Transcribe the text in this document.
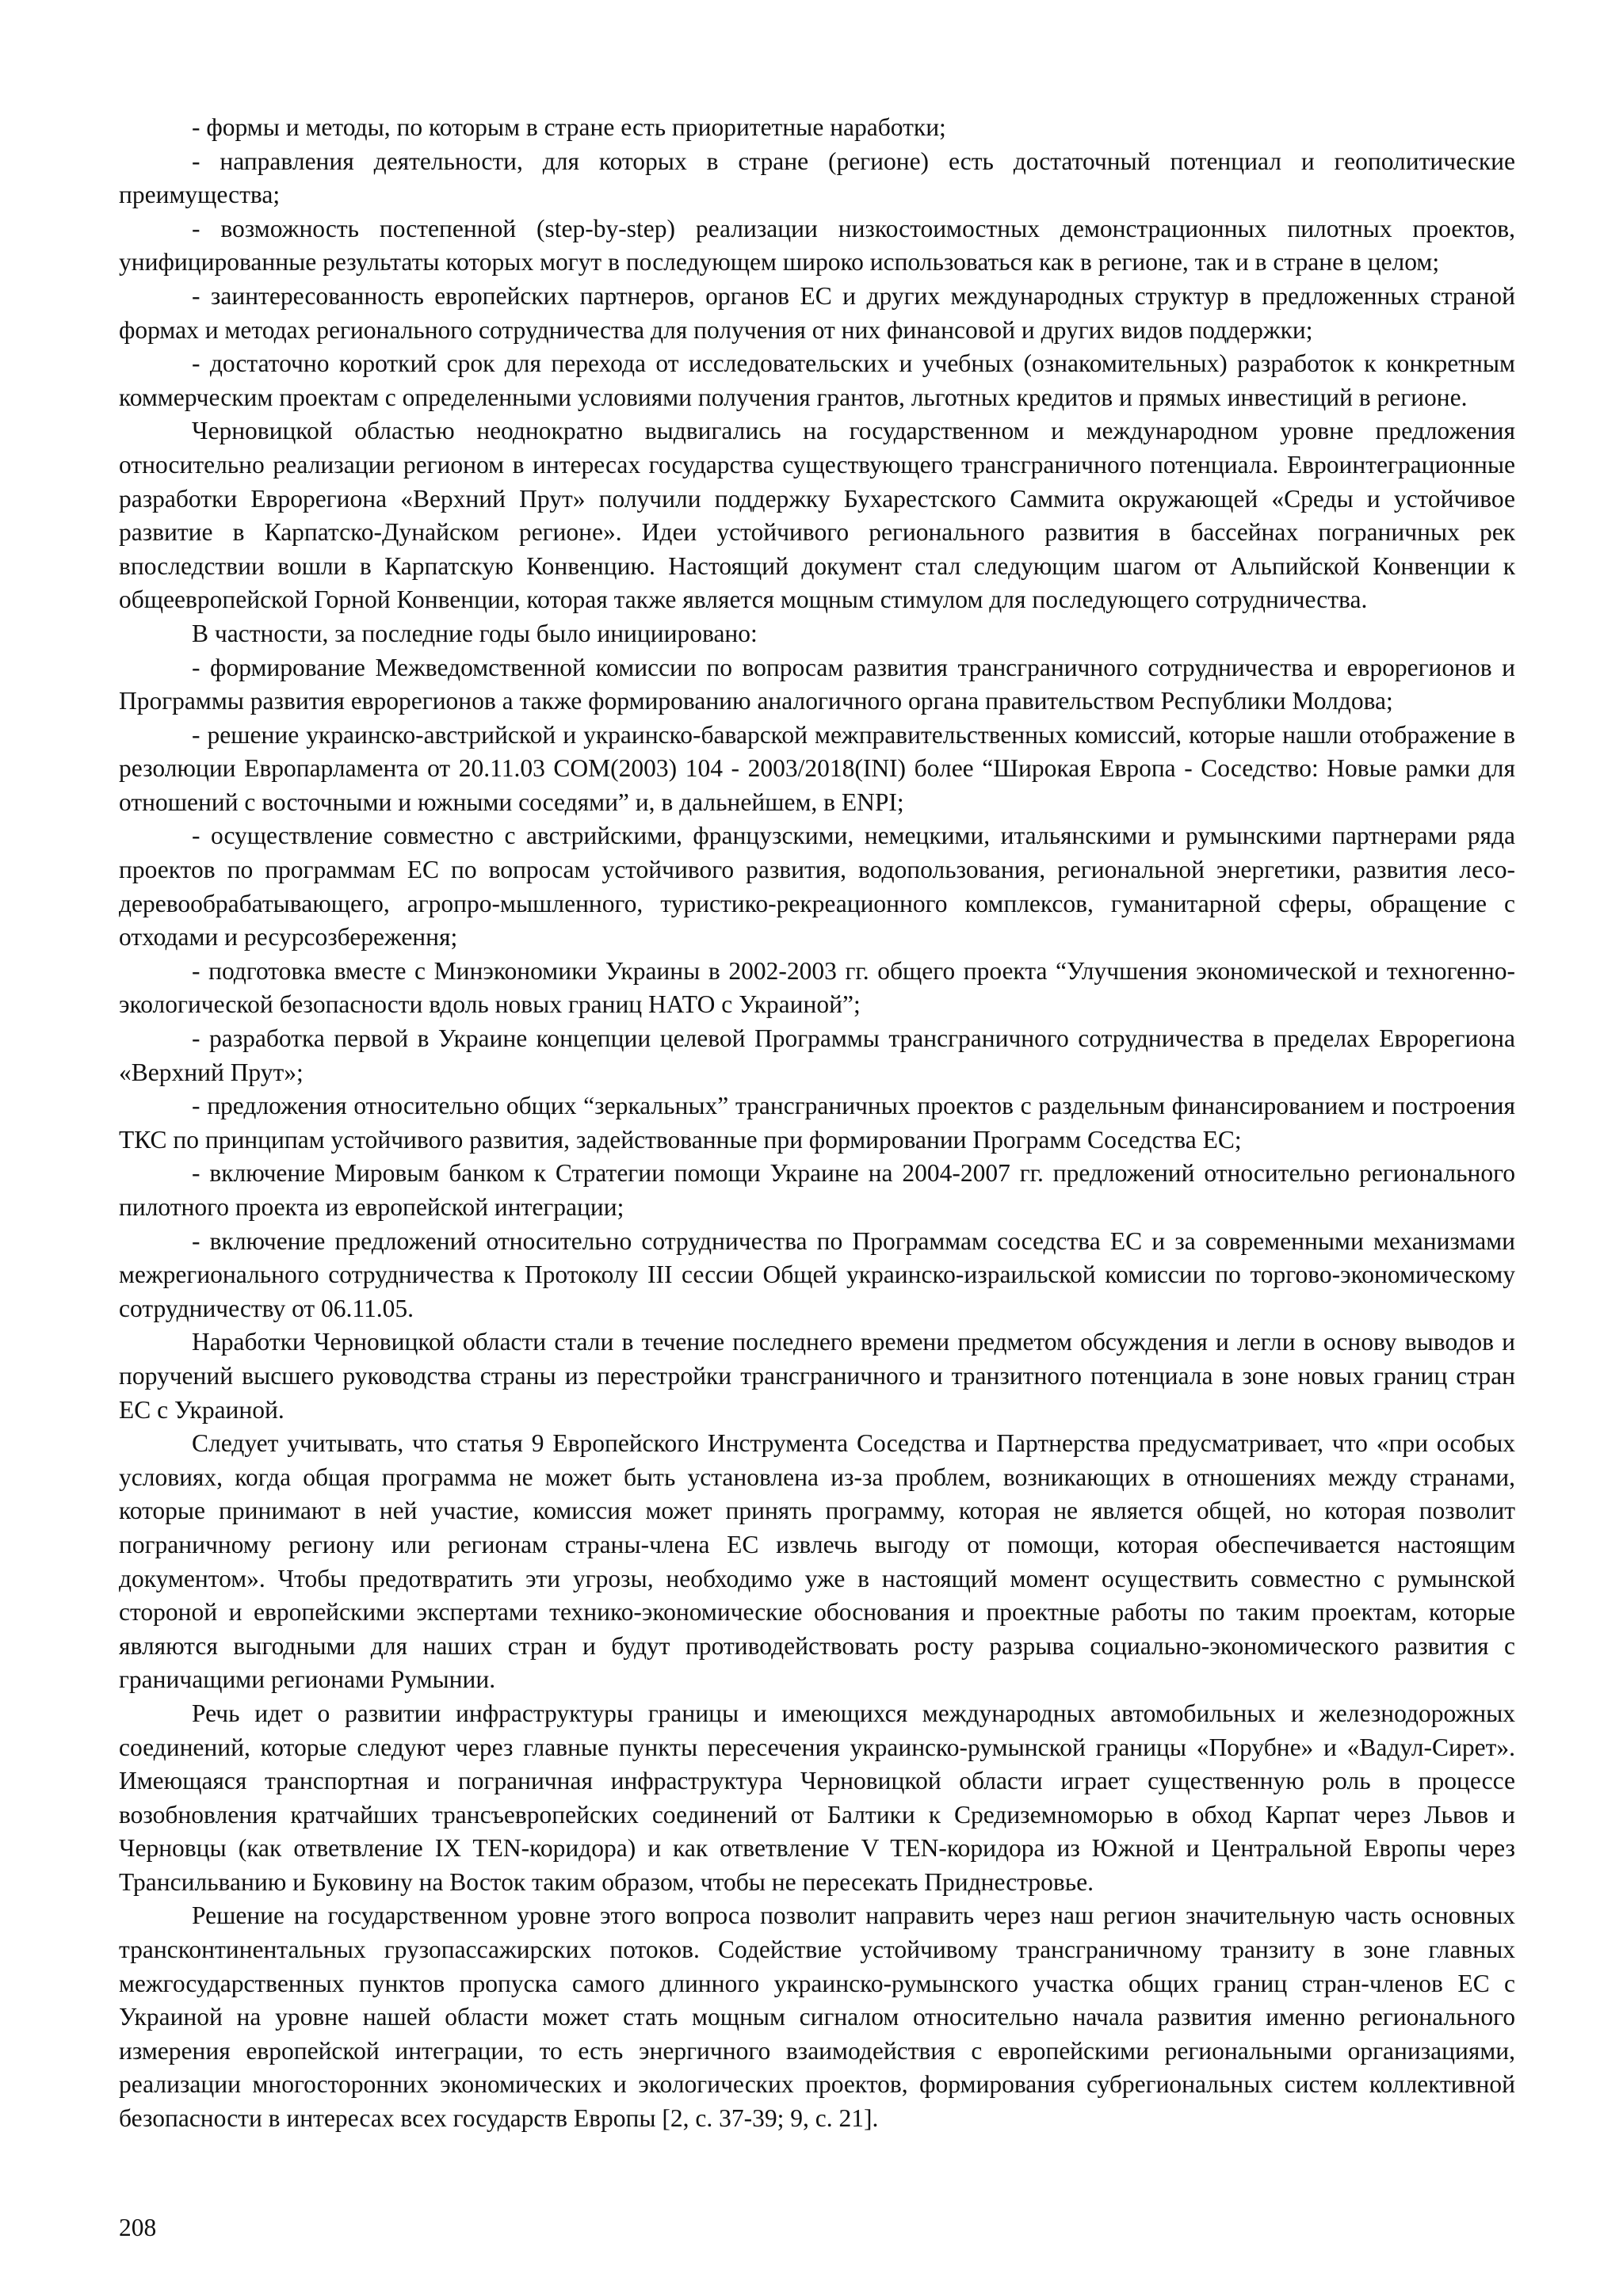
- формы и методы, по которым в стране есть приоритетные наработки;

- направления деятельности, для которых в стране (регионе) есть достаточный потенциал и геополитические преимущества;

- возможность постепенной (step-by-step) реализации низкостоимостных демонстрационных пилотных проектов, унифицированные результаты которых могут в последующем широко использоваться как в регионе, так и в стране в целом;

- заинтересованность европейских партнеров, органов ЕС и других международных структур в предложенных страной формах и методах регионального сотрудничества для получения от них финансовой и других видов поддержки;

- достаточно короткий срок для перехода от исследовательских и учебных (ознакомительных) разработок к конкретным коммерческим проектам с определенными условиями получения грантов, льготных кредитов и прямых инвестиций в регионе.

Черновицкой областью неоднократно выдвигались на государственном и международном уровне предложения относительно реализации регионом в интересах государства существующего трансграничного потенциала. Евроинтеграционные разработки Еврорегиона «Верхний Прут» получили поддержку Бухарестского Саммита окружающей «Среды и устойчивое развитие в Карпатско-Дунайском регионе». Идеи устойчивого регионального развития в бассейнах пограничных рек впоследствии вошли в Карпатскую Конвенцию. Настоящий документ стал следующим шагом от Альпийской Конвенции к общеевропейской Горной Конвенции, которая также является мощным стимулом для последующего сотрудничества.

В частности, за последние годы было инициировано:

- формирование Межведомственной комиссии по вопросам развития трансграничного сотрудничества и еврорегионов и Программы развития еврорегионов а также формированию аналогичного органа правительством Республики Молдова;

- решение украинско-австрийской и украинско-баварской межправительственных комиссий, которые нашли отображение в резолюции Европарламента от 20.11.03 COM(2003) 104 - 2003/2018(INI) более “Широкая Европа - Соседство: Новые рамки для отношений с восточными и южными соседями” и, в дальнейшем, в ENPI;

- осуществление совместно с австрийскими, французскими, немецкими, итальянскими и румынскими партнерами ряда проектов по программам ЕС по вопросам устойчивого развития, водопользования, региональной энергетики, развития лесо-деревообрабатывающего, агропро-мышленного, туристико-рекреационного комплексов, гуманитарной сферы, обращение с отходами и ресурсозбереження;

- подготовка вместе с Минэкономики Украины в 2002-2003 гг. общего проекта “Улучшения экономической и техногенно-экологической безопасности вдоль новых границ НАТО с Украиной”;

- разработка первой в Украине концепции целевой Программы трансграничного сотрудничества в пределах Еврорегиона «Верхний Прут»;

- предложения относительно общих “зеркальных” трансграничных проектов с раздельным финансированием и построения ТКС по принципам устойчивого развития, задействованные при формировании Программ Соседства ЕС;

- включение Мировым банком к Стратегии помощи Украине на 2004-2007 гг. предложений относительно регионального пилотного проекта из европейской интеграции;

- включение предложений относительно сотрудничества по Программам соседства ЕС и за современными механизмами межрегионального сотрудничества к Протоколу III сессии Общей украинско-израильской комиссии по торгово-экономическому сотрудничеству от 06.11.05.

Наработки Черновицкой области стали в течение последнего времени предметом обсуждения и легли в основу выводов и поручений высшего руководства страны из перестройки трансграничного и транзитного потенциала в зоне новых границ стран ЕС с Украиной.

Следует учитывать, что статья 9 Европейского Инструмента Соседства и Партнерства предусматривает, что «при особых условиях, когда общая программа не может быть установлена из-за проблем, возникающих в отношениях между странами, которые принимают в ней участие, комиссия может принять программу, которая не является общей, но которая позволит пограничному региону или регионам страны-члена ЕС извлечь выгоду от помощи, которая обеспечивается настоящим документом». Чтобы предотвратить эти угрозы, необходимо уже в настоящий момент осуществить совместно с румынской стороной и европейскими экспертами технико-экономические обоснования и проектные работы по таким проектам, которые являются выгодными для наших стран и будут противодействовать росту разрыва социально-экономического развития с граничащими регионами Румынии.

Речь идет о развитии инфраструктуры границы и имеющихся международных автомобильных и железнодорожных соединений, которые следуют через главные пункты пересечения украинско-румынской границы «Порубне» и «Вадул-Сирет». Имеющаяся транспортная и пограничная инфраструктура Черновицкой области играет существенную роль в процессе возобновления кратчайших трансъевропейских соединений от Балтики к Средиземноморью в обход Карпат через Львов и Черновцы (как ответвление IX TEN-коридора) и как ответвление V TEN-коридора из Южной и Центральной Европы через Трансильванию и Буковину на Восток таким образом, чтобы не пересекать Приднестровье.

Решение на государственном уровне этого вопроса позволит направить через наш регион значительную часть основных трансконтинентальных грузопассажирских потоков. Содействие устойчивому трансграничному транзиту в зоне главных межгосударственных пунктов пропуска самого длинного украинско-румынского участка общих границ стран-членов ЕС с Украиной на уровне нашей области может стать мощным сигналом относительно начала развития именно регионального измерения европейской интеграции, то есть энергичного взаимодействия с европейскими региональными организациями, реализации многосторонних экономических и экологических проектов, формирования субрегиональных систем коллективной безопасности в интересах всех государств Европы [2, с. 37-39; 9, с. 21].

208
